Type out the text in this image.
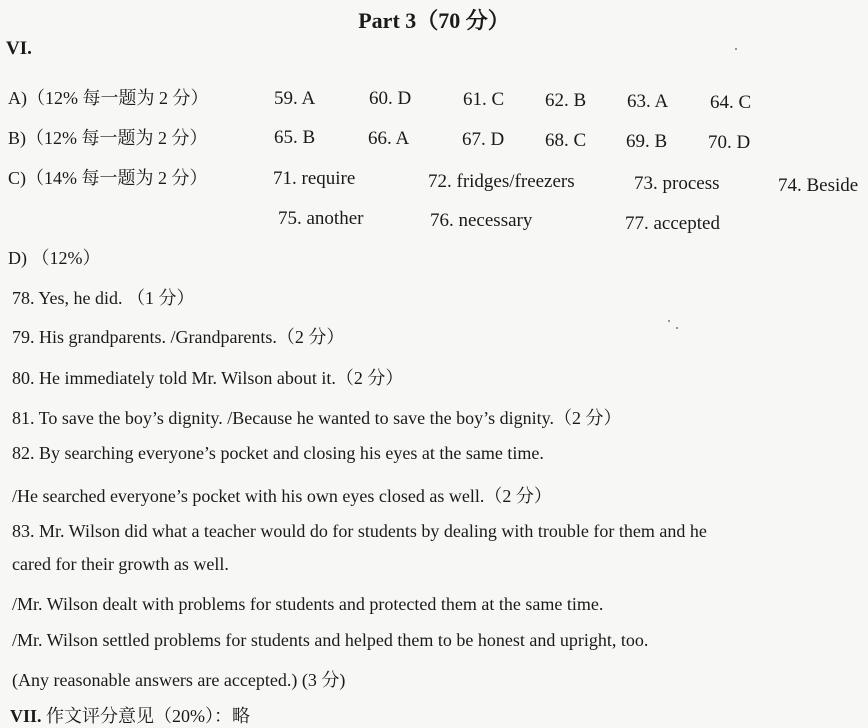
Part 3（70 分）
VI.
A)（12% 每一题为 2 分）	59. A	60. D	61. C 62. B 63. A 64. C
B)（12% 每一题为 2 分）	65. B	66. A	67. D 68. C 69. B 70. D
C)（14% 每一题为 2 分）	71. require	72. fridges/freezers	73. process	74. Beside
75. another	76. necessary	77. accepted
D) （12%）
78. Yes, he did. （1 分）
79. His grandparents. /Grandparents.（2 分）
80. He immediately told Mr. Wilson about it.（2 分）
81. To save the boy’s dignity. /Because he wanted to save the boy’s dignity.（2 分）
82. By searching everyone’s pocket and closing his eyes at the same time.
/He searched everyone’s pocket with his own eyes closed as well.（2 分）
83. Mr. Wilson did what a teacher would do for students by dealing with trouble for them and he
cared for their growth as well.
/Mr. Wilson dealt with problems for students and protected them at the same time.
/Mr. Wilson settled problems for students and helped them to be honest and upright, too.
(Any reasonable answers are accepted.) (3 分)
VII. 作文评分意见（20%）：略
